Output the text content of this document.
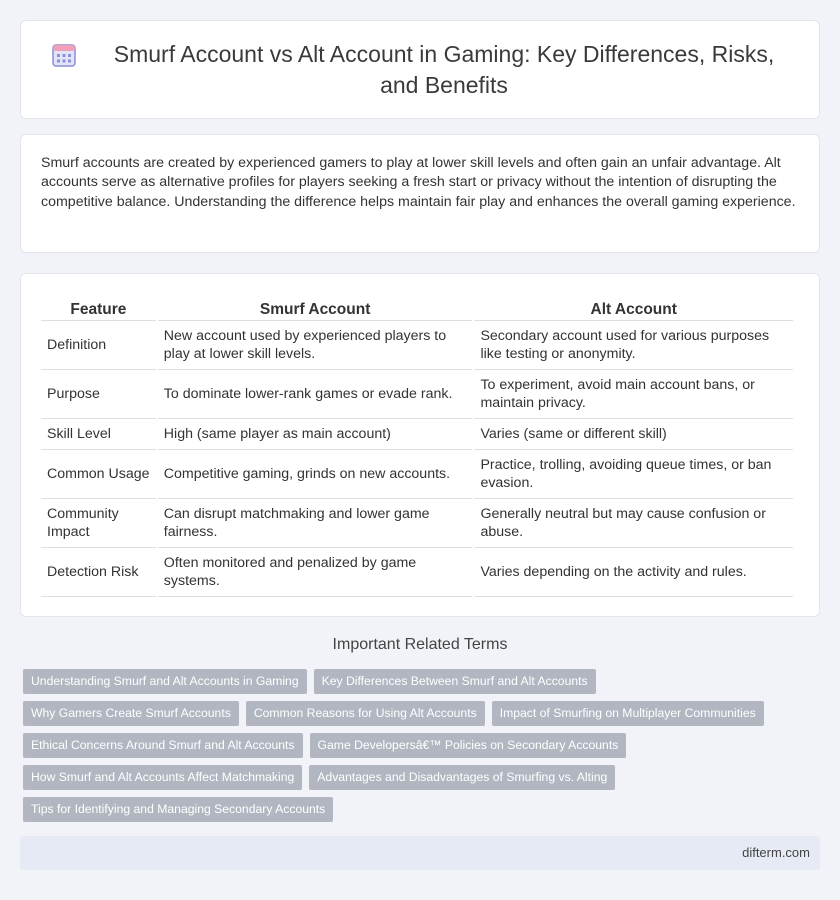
Smurf Account vs Alt Account in Gaming: Key Differences, Risks, and Benefits

Smurf accounts are created by experienced gamers to play at lower skill levels and often gain an unfair advantage. Alt accounts serve as alternative profiles for players seeking a fresh start or privacy without the intention of disrupting the competitive balance. Understanding the difference helps maintain fair play and enhances the overall gaming experience.

Feature	Smurf Account	Alt Account
Definition	New account used by experienced players to play at lower skill levels.	Secondary account used for various purposes like testing or anonymity.
Purpose	To dominate lower-rank games or evade rank.	To experiment, avoid main account bans, or maintain privacy.
Skill Level	High (same player as main account)	Varies (same or different skill)
Common Usage	Competitive gaming, grinds on new accounts.	Practice, trolling, avoiding queue times, or ban evasion.
Community Impact	Can disrupt matchmaking and lower game fairness.	Generally neutral but may cause confusion or abuse.
Detection Risk	Often monitored and penalized by game systems.	Varies depending on the activity and rules.
Important Related Terms
Understanding Smurf and Alt Accounts in Gaming	Key Differences Between Smurf and Alt Accounts
Why Gamers Create Smurf Accounts	Common Reasons for Using Alt Accounts	Impact of Smurfing on Multiplayer Communities
Ethical Concerns Around Smurf and Alt Accounts	Game Developersâ€™ Policies on Secondary Accounts
How Smurf and Alt Accounts Affect Matchmaking	Advantages and Disadvantages of Smurfing vs. Alting
Tips for Identifying and Managing Secondary Accounts
difterm.com
